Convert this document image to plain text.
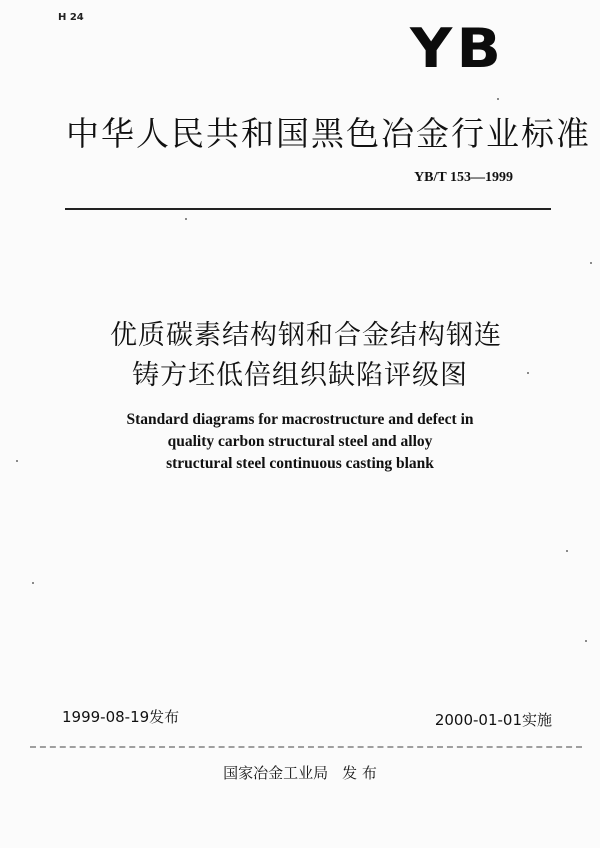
H 24	YB
中华人民共和国黑色冶金行业标准
YB/T 153—1999
优质碳素结构钢和合金结构钢连
铸方坯低倍组织缺陷评级图
Standard diagrams for macrostructure and defect in
quality carbon structural steel and alloy
structural steel continuous casting blank
1999-08-19发布	2000-01-01实施
国家冶金工业局 发 布
